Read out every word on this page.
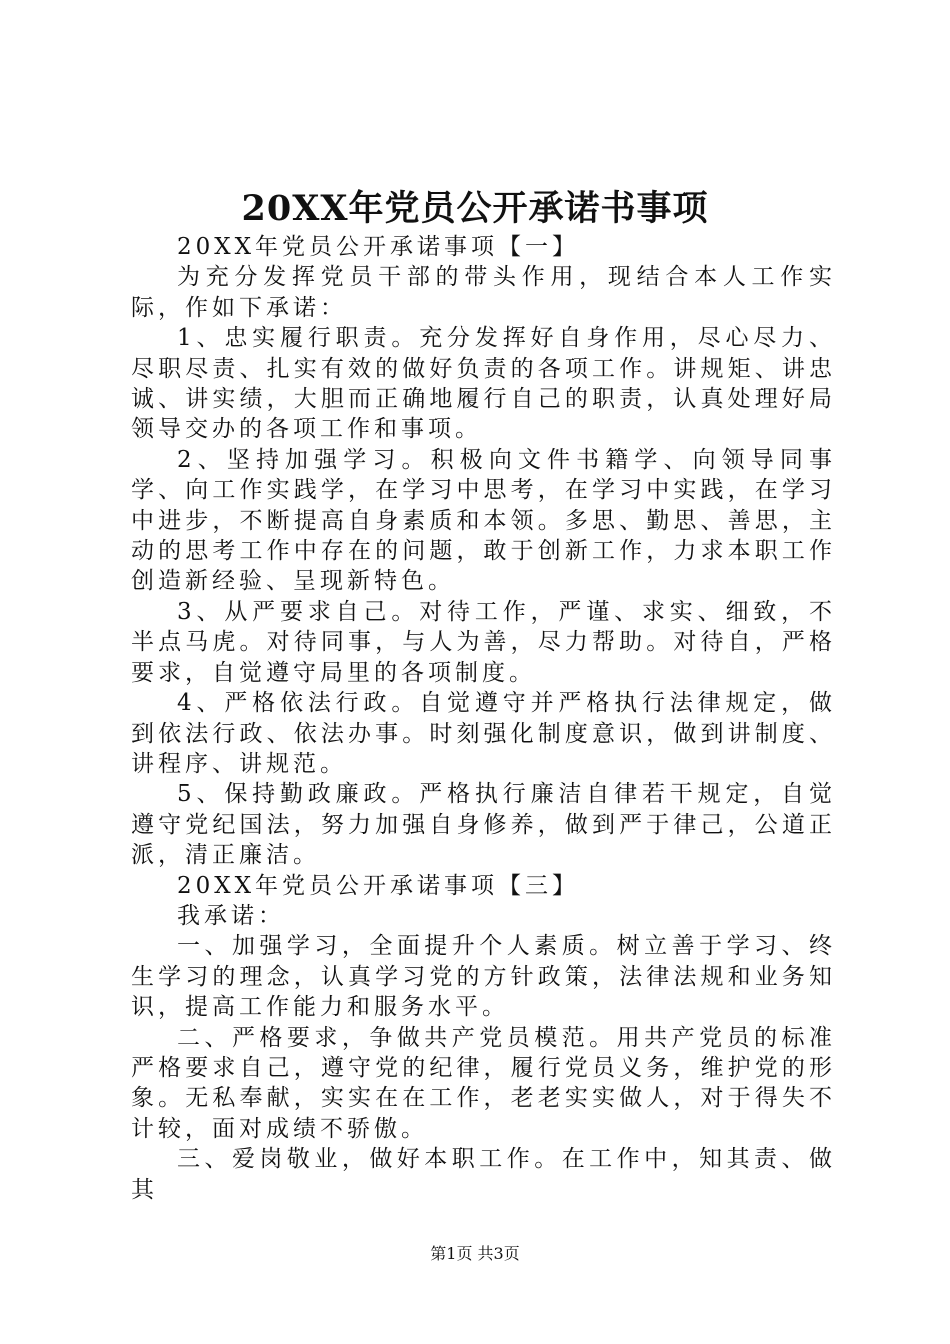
20XX年党员公开承诺书事项

20XX年党员公开承诺事项【一】

为充分发挥党员干部的带头作用，现结合本人工作实际，作如下承诺：

1、忠实履行职责。充分发挥好自身作用，尽心尽力、尽职尽责、扎实有效的做好负责的各项工作。讲规矩、讲忠诚、讲实绩，大胆而正确地履行自己的职责，认真处理好局领导交办的各项工作和事项。

2、坚持加强学习。积极向文件书籍学、向领导同事学、向工作实践学，在学习中思考，在学习中实践，在学习中进步，不断提高自身素质和本领。多思、勤思、善思，主动的思考工作中存在的问题，敢于创新工作，力求本职工作创造新经验、呈现新特色。

3、从严要求自己。对待工作，严谨、求实、细致，不半点马虎。对待同事，与人为善，尽力帮助。对待自，严格要求，自觉遵守局里的各项制度。

4、严格依法行政。自觉遵守并严格执行法律规定，做到依法行政、依法办事。时刻强化制度意识，做到讲制度、讲程序、讲规范。

5、保持勤政廉政。严格执行廉洁自律若干规定，自觉遵守党纪国法，努力加强自身修养，做到严于律己，公道正派，清正廉洁。

20XX年党员公开承诺事项【三】

我承诺：

一、加强学习，全面提升个人素质。树立善于学习、终生学习的理念，认真学习党的方针政策，法律法规和业务知识，提高工作能力和服务水平。

二、严格要求，争做共产党员模范。用共产党员的标准严格要求自己，遵守党的纪律，履行党员义务，维护党的形象。无私奉献，实实在在工作，老老实实做人，对于得失不计较，面对成绩不骄傲。

三、爱岗敬业，做好本职工作。在工作中，知其责、做其

第1页 共3页
